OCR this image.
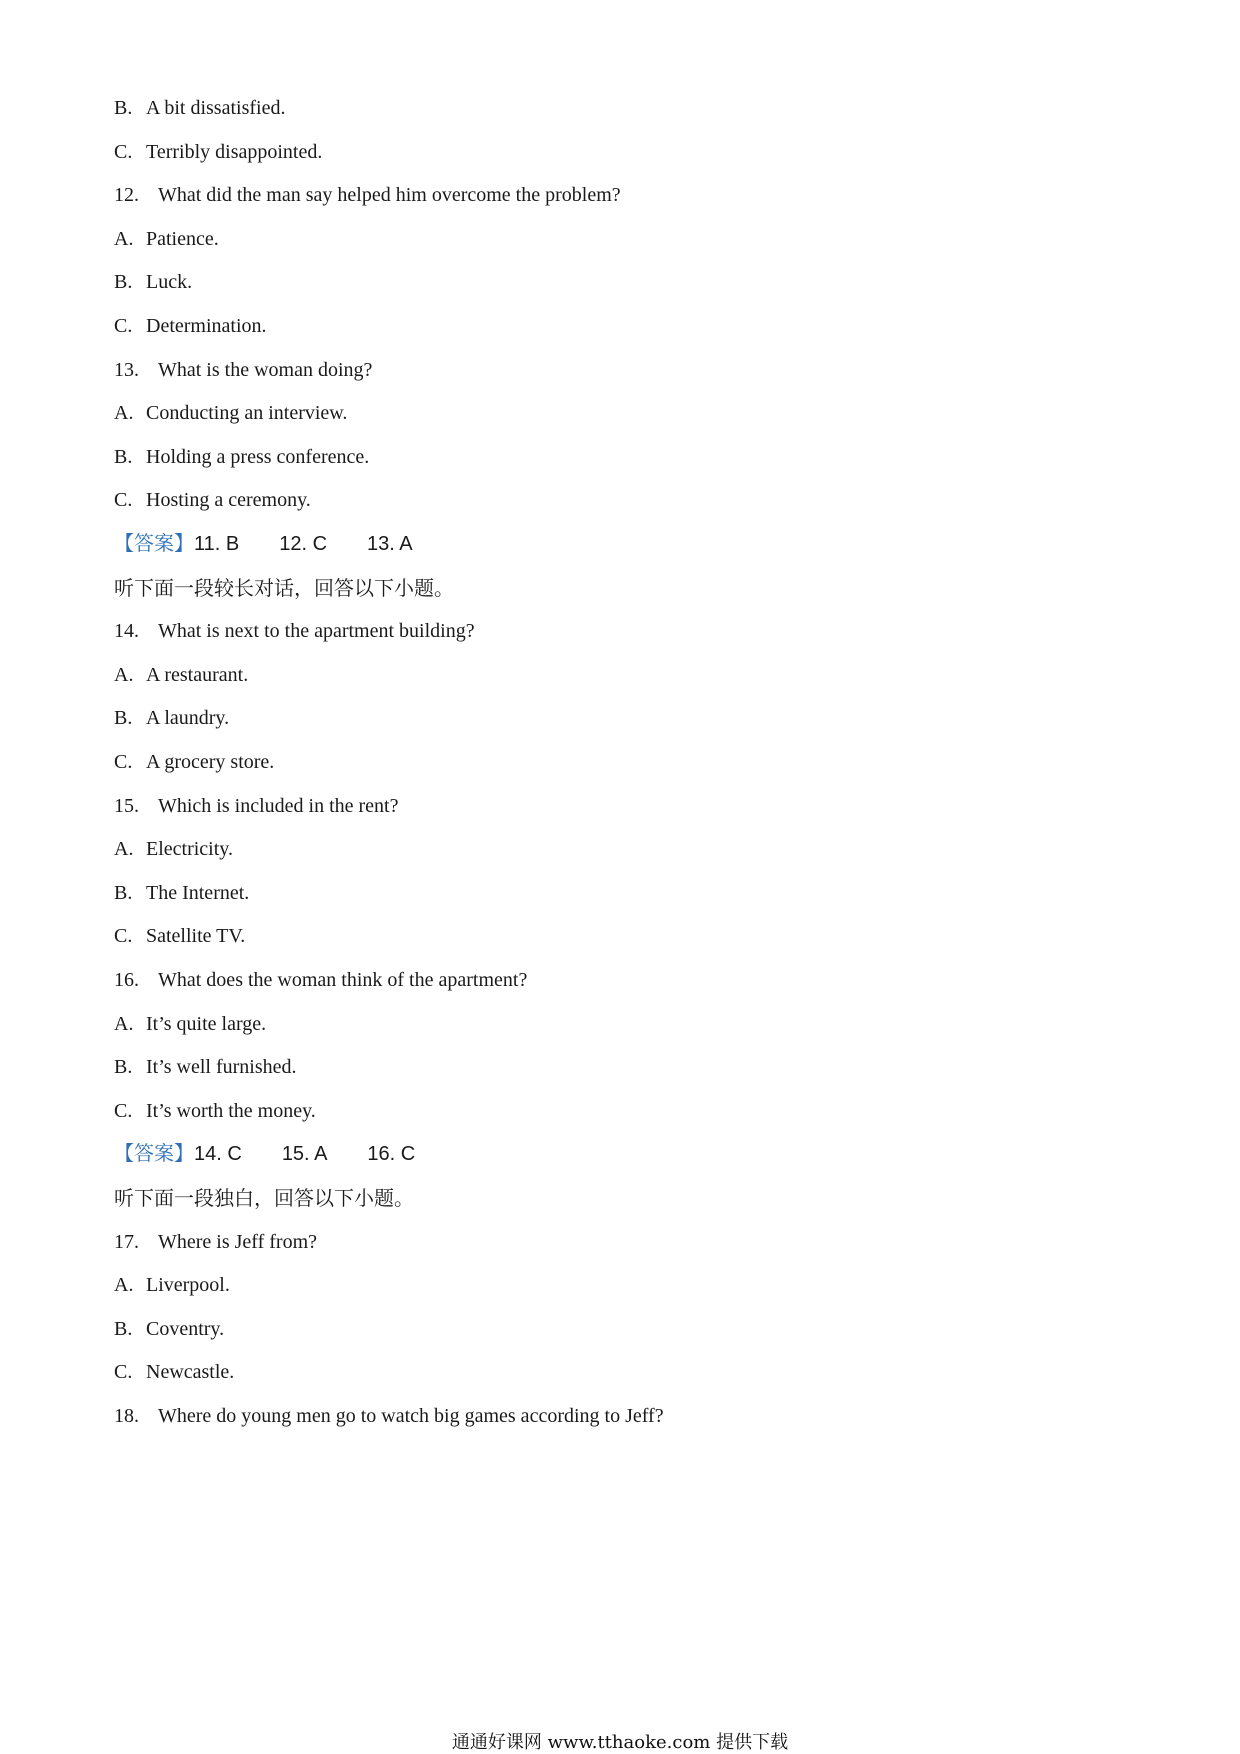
B. A bit dissatisfied.
C. Terribly disappointed.
12. What did the man say helped him overcome the problem?
A. Patience.
B. Luck.
C. Determination.
13. What is the woman doing?
A. Conducting an interview.
B. Holding a press conference.
C. Hosting a ceremony.
【答案】11. B 12. C 13. A
听下面一段较长对话，回答以下小题。
14. What is next to the apartment building?
A. A restaurant.
B. A laundry.
C. A grocery store.
15. Which is included in the rent?
A. Electricity.
B. The Internet.
C. Satellite TV.
16. What does the woman think of the apartment?
A. It’s quite large.
B. It’s well furnished.
C. It’s worth the money.
【答案】14. C 15. A 16. C
听下面一段独白，回答以下小题。
17. Where is Jeff from?
A. Liverpool.
B. Coventry.
C. Newcastle.
18. Where do young men go to watch big games according to Jeff?
通通好课网 www.tthaoke.com 提供下载
